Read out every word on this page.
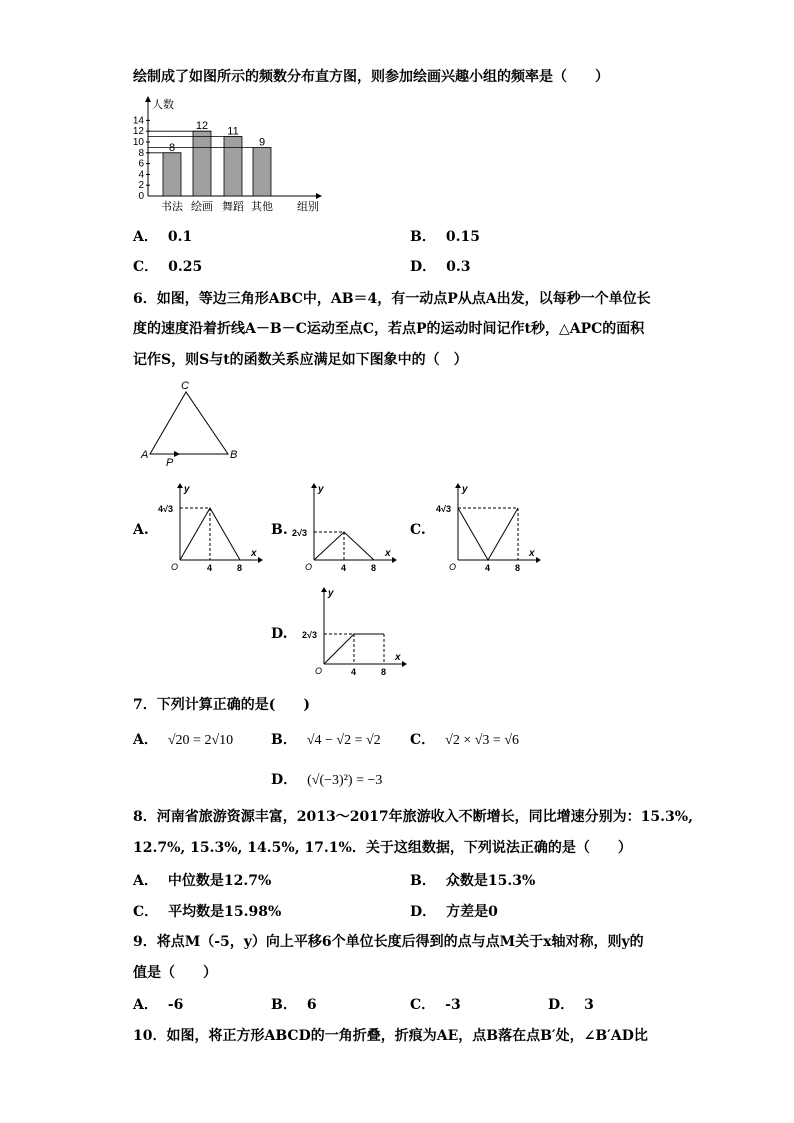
绘制成了如图所示的频数分布直方图，则参加绘画兴趣小组的频率是（　　）
0
2
4
6
8
10
12
14
人数
8
书法
12
绘画
11
舞蹈
9
其他 组别
A． 0.1	B． 0.15
C． 0.25	D． 0.3
6．如图，等边三角形ABC中，AB＝4，有一动点P从点A出发，以每秒一个单位长
度的速度沿着折线A－B－C运动至点C，若点P的运动时间记作t秒，△APC的面积
记作S，则S与t的函数关系应满足如下图象中的（　）
C
A	B
P
A.
y
x
O	4	8
4√3
B.
y
x
O	4	8
2√3	C.
y
x
O	4	8
4√3
D.
y
x
O	4	8
2√3
7．下列计算正确的是(　　)
A． √20 = 2√10	B． √4 − √2 = √2 C． √2 × √3 = √6
D． (√(−3)²) = −3
8．河南省旅游资源丰富，2013～2017年旅游收入不断增长，同比增速分别为：15.3%,
12.7%, 15.3%, 14.5%, 17.1%．关于这组数据，下列说法正确的是（　　）
A． 中位数是12.7%	B． 众数是15.3%
C． 平均数是15.98%	D． 方差是0
9．将点M（-5，y）向上平移6个单位长度后得到的点与点M关于x轴对称，则y的
值是（　　）
A． -6	B． 6	C． -3	D． 3
10．如图，将正方形ABCD的一角折叠，折痕为AE，点B落在点B′处，∠B′AD比
